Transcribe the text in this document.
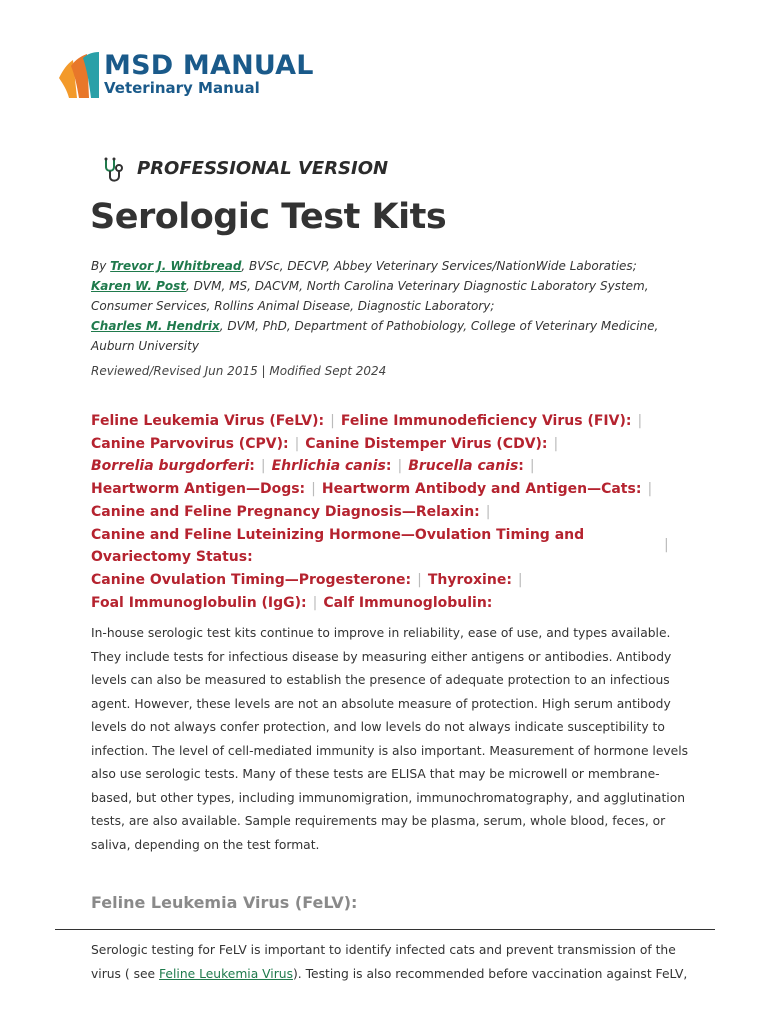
MSD MANUAL
Veterinary Manual
PROFESSIONAL VERSION
Serologic Test Kits
By Trevor J. Whitbread, BVSc, DECVP, Abbey Veterinary Services/NationWide Laboraties;
Karen W. Post, DVM, MS, DACVM, North Carolina Veterinary Diagnostic Laboratory System, Consumer Services, Rollins Animal Disease, Diagnostic Laboratory;
Charles M. Hendrix, DVM, PhD, Department of Pathobiology, College of Veterinary Medicine, Auburn University
Reviewed/Revised Jun 2015 | Modified Sept 2024
Feline Leukemia Virus (FeLV): | Feline Immunodeficiency Virus (FIV): |
Canine Parvovirus (CPV): | Canine Distemper Virus (CDV): |
Borrelia burgdorferi: | Ehrlichia canis: | Brucella canis: |
Heartworm Antigen—Dogs: | Heartworm Antibody and Antigen—Cats: |
Canine and Feline Pregnancy Diagnosis—Relaxin: |
Canine and Feline Luteinizing Hormone—Ovulation Timing and Ovariectomy Status:
|
Canine Ovulation Timing—Progesterone: | Thyroxine: |
Foal Immunoglobulin (IgG): | Calf Immunoglobulin:

In-house serologic test kits continue to improve in reliability, ease of use, and types available. They include tests for infectious disease by measuring either antigens or antibodies. Antibody levels can also be measured to establish the presence of adequate protection to an infectious agent. However, these levels are not an absolute measure of protection. High serum antibody levels do not always confer protection, and low levels do not always indicate susceptibility to infection. The level of cell-mediated immunity is also important. Measurement of hormone levels also use serologic tests. Many of these tests are ELISA that may be microwell or membrane-based, but other types, including immunomigration, immunochromatography, and agglutination tests, are also available. Sample requirements may be plasma, serum, whole blood, feces, or saliva, depending on the test format.

Feline Leukemia Virus (FeLV):

Serologic testing for FeLV is important to identify infected cats and prevent transmission of the virus ( see Feline Leukemia Virus). Testing is also recommended before vaccination against FeLV,
